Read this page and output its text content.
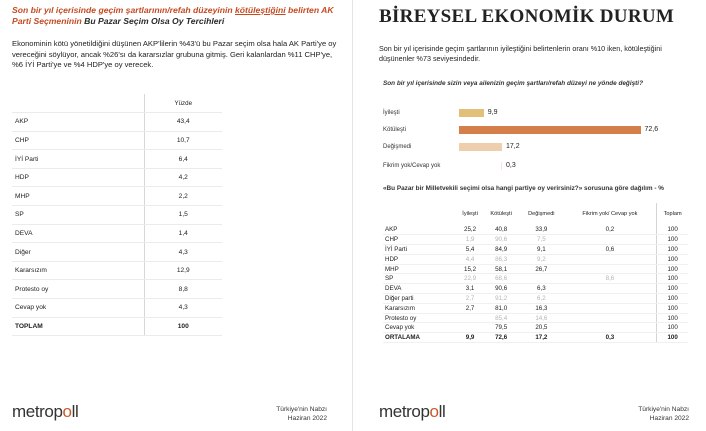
Son bir yıl içerisinde geçim şartlarının/refah düzeyinin kötüleştiğini belirten AK Parti Seçmeninin Bu Pazar Seçim Olsa Oy Tercihleri

Ekonominin kötü yönetildiğini düşünen AKP'lilerin %43'ü bu Pazar seçim olsa hala AK Parti'ye oy vereceğini söylüyor, ancak %26'sı da kararsızlar grubuna gitmiş. Geri kalanlardan %11 CHP'ye, %6 İYİ Parti'ye ve %4 HDP'ye oy verecek.

	Yüzde
AKP	43,4
CHP	10,7
İYİ Parti	6,4
HDP	4,2
MHP	2,2
SP	1,5
DEVA	1,4
Diğer	4,3
Kararsızım	12,9
Protesto oy	8,8
Cevap yok	4,3
TOPLAM	100
metropoll	Türkiye'nin Nabzı
Haziran 2022
BİREYSEL EKONOMİK DURUM

Son bir yıl içerisinde geçim şartlarının iyileştiğini belirtenlerin oranı %10 iken, kötüleştiğini düşünenler %73 seviyesindedir.

Son bir yıl içerisinde sizin veya ailenizin geçim şartları/refah düzeyi ne yönde değişti?

İyileşti	9,9
Kötüleşti	72,6
Değişmedi	17,2
Fikrim yok/Cevap yok	0,3

«Bu Pazar bir Milletvekili seçimi olsa hangi partiye oy verirsiniz?» sorusuna göre dağılım - %

	İyileşti	Kötüleşti	Değişmedi	Fikrim yok/ Cevap yok	Toplam
AKP	25,2	40,8	33,9	0,2	100
CHP	1,9	90,6	7,5		100
İYİ Parti	5,4	84,9	9,1	0,6	100
HDP	4,4	86,3	9,2		100
MHP	15,2	58,1	26,7		100
SP	22,9	68,6		8,6	100
DEVA	3,1	90,6	6,3		100
Diğer parti	2,7	91,2	6,2		100
Kararsızım	2,7	81,0	16,3		100
Protesto oy		85,4	14,6		100
Cevap yok		79,5	20,5		100
ORTALAMA	9,9	72,6	17,2	0,3	100
metropoll	Türkiye'nin Nabzı
Haziran 2022
